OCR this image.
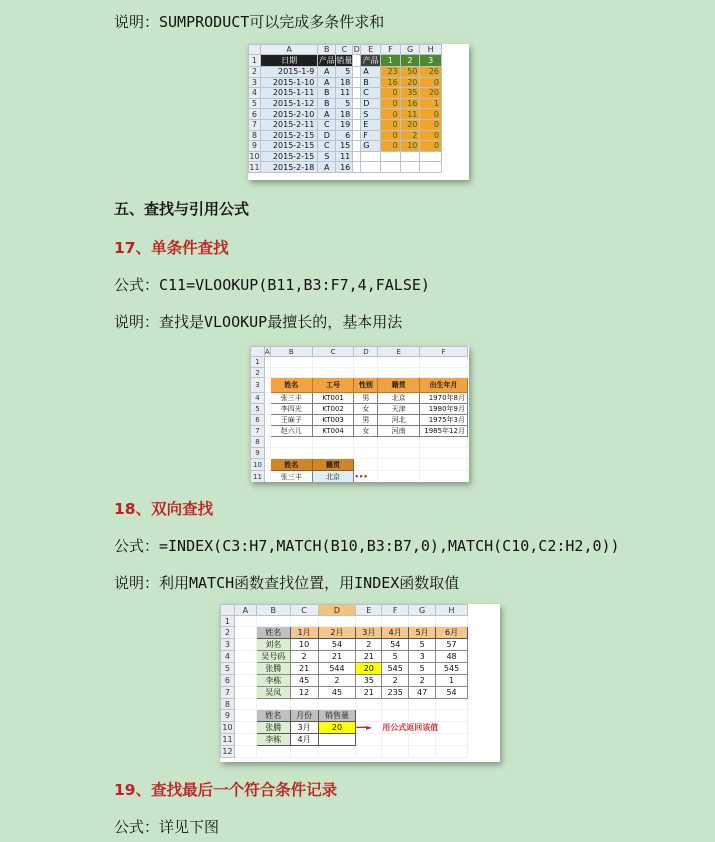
说明：SUMPRODUCT可以完成多条件求和
五、查找与引用公式
17、单条件查找
公式：C11=VLOOKUP(B11,B3:F7,4,FALSE)
说明：查找是VLOOKUP最擅长的，基本用法
18、双向查找
公式：=INDEX(C3:H7,MATCH(B10,B3:B7,0),MATCH(C10,C2:H2,0))
说明：利用MATCH函数查找位置，用INDEX函数取值
19、查找最后一个符合条件记录
公式：详见下图
	A	B	C	D	E	F	G	H
1	日期	产品	销量		产品	1	2	3
2	2015-1-9	A	5		A	23	50	26
3	2015-1-10	A	18		B	16	20	0
4	2015-1-11	B	11		C	0	35	20
5	2015-1-12	B	5		D	0	16	1
6	2015-2-10	A	18		S	0	11	0
7	2015-2-11	C	19		E	0	20	0
8	2015-2-15	D	6		F	0	2	0
9	2015-2-15	C	15		G	0	10	0
10	2015-2-15	S	11					
11	2015-2-18	A	16					
	A	B	C	D	E	F
1						
2						
3		姓名	工号	性别	籍贯	出生年月
4		张三丰	KT001	男	北京	1970年8月
5		李四光	KT002	女	天津	1980年9月
6		王麻子	KT003	男	河北	1975年3月
7		赵六儿	KT004	女	河南	1985年12月
8						
9						
10		姓名	籍贯			
11		张三丰	北京	•••		
	A	B	C	D	E	F	G	H
1								
2		姓名	1月	2月	3月	4月	5月	6月
3		刘名	10	54	2	54	5	57
4		吴号码	2	21	21	5	3	48
5		张腾	21	544	20	545	5	545
6		李栋	45	2	35	2	2	1
7		吴凤	12	45	21	235	47	54
8								
9		姓名	月份	销售量				
10		张腾	3月	20	━━►	用公式返回该值		
11		李栋	4月					
12								
